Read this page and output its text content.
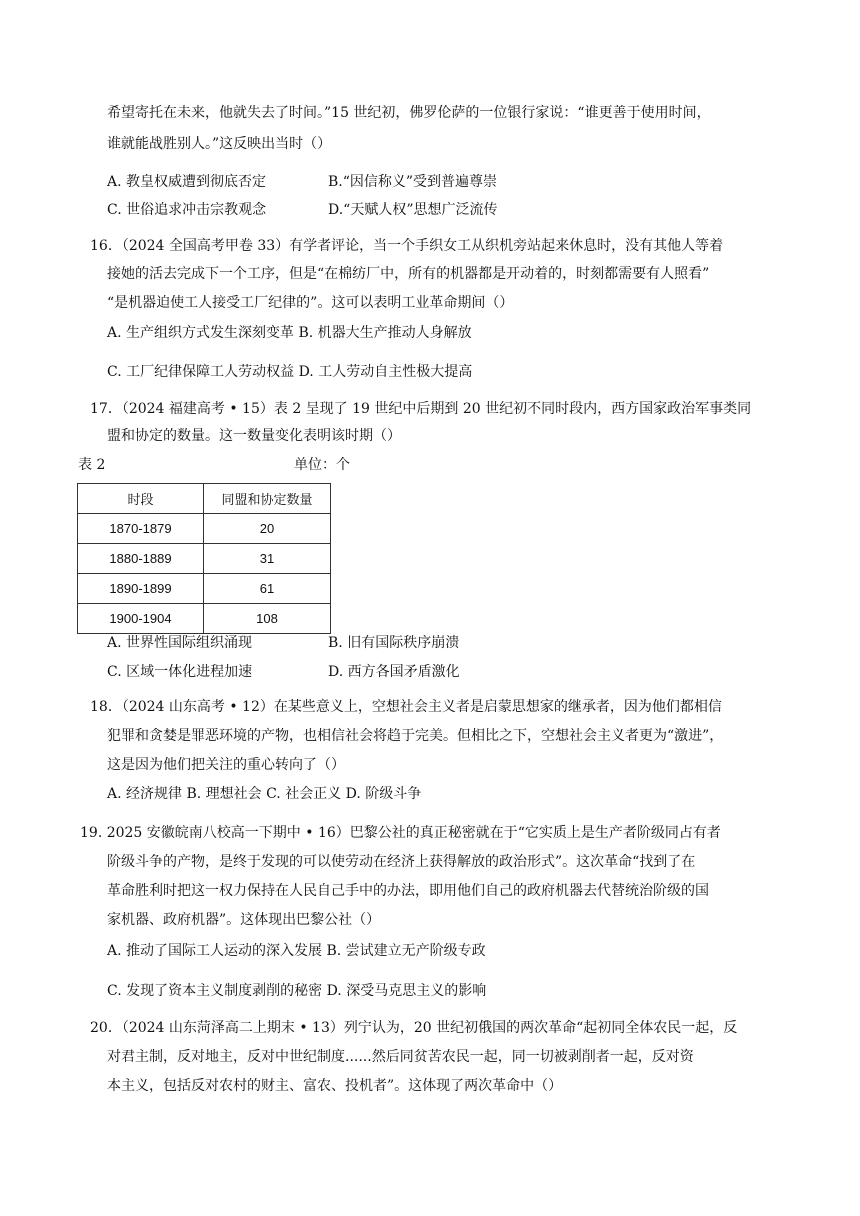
希望寄托在未来，他就失去了时间。”15 世纪初，佛罗伦萨的一位银行家说：“谁更善于使用时间，
谁就能战胜别人。”这反映出当时（）
A. 教皇权威遭到彻底否定	B.“因信称义”受到普遍尊崇
C. 世俗追求冲击宗教观念	D.“天赋人权”思想广泛流传
16．（2024 全国高考甲卷 33）有学者评论，当一个手织女工从织机旁站起来休息时，没有其他人等着
接她的活去完成下一个工序，但是“在棉纺厂中，所有的机器都是开动着的，时刻都需要有人照看”
“是机器迫使工人接受工厂纪律的”。这可以表明工业革命期间（）
A. 生产组织方式发生深刻变革 B. 机器大生产推动人身解放
C. 工厂纪律保障工人劳动权益 D. 工人劳动自主性极大提高
17．（2024 福建高考 • 15）表 2 呈现了 19 世纪中后期到 20 世纪初不同时段内，西方国家政治军事类同
盟和协定的数量。这一数量变化表明该时期（）
表 2	单位：个
时段	同盟和协定数量
1870-1879	20
1880-1889	31
1890-1899	61
1900-1904	108
A. 世界性国际组织涌现	B. 旧有国际秩序崩溃
C. 区域一体化进程加速	D. 西方各国矛盾激化
18．（2024 山东高考 • 12）在某些意义上，空想社会主义者是启蒙思想家的继承者，因为他们都相信
犯罪和贪婪是罪恶环境的产物，也相信社会将趋于完美。但相比之下，空想社会主义者更为“激进”，
这是因为他们把关注的重心转向了（）
A. 经济规律 B. 理想社会 C. 社会正义 D. 阶级斗争
19. 2025 安徽皖南八校高一下期中 • 16）巴黎公社的真正秘密就在于“它实质上是生产者阶级同占有者
阶级斗争的产物，是终于发现的可以使劳动在经济上获得解放的政治形式”。这次革命“找到了在
革命胜利时把这一权力保持在人民自己手中的办法，即用他们自己的政府机器去代替统治阶级的国
家机器、政府机器”。这体现出巴黎公社（）
A. 推动了国际工人运动的深入发展 B. 尝试建立无产阶级专政
C. 发现了资本主义制度剥削的秘密 D. 深受马克思主义的影响
20．（2024 山东菏泽高二上期末 • 13）列宁认为，20 世纪初俄国的两次革命“起初同全体农民一起，反
对君主制，反对地主，反对中世纪制度......然后同贫苦农民一起，同一切被剥削者一起，反对资
本主义，包括反对农村的财主、富农、投机者”。这体现了两次革命中（）
